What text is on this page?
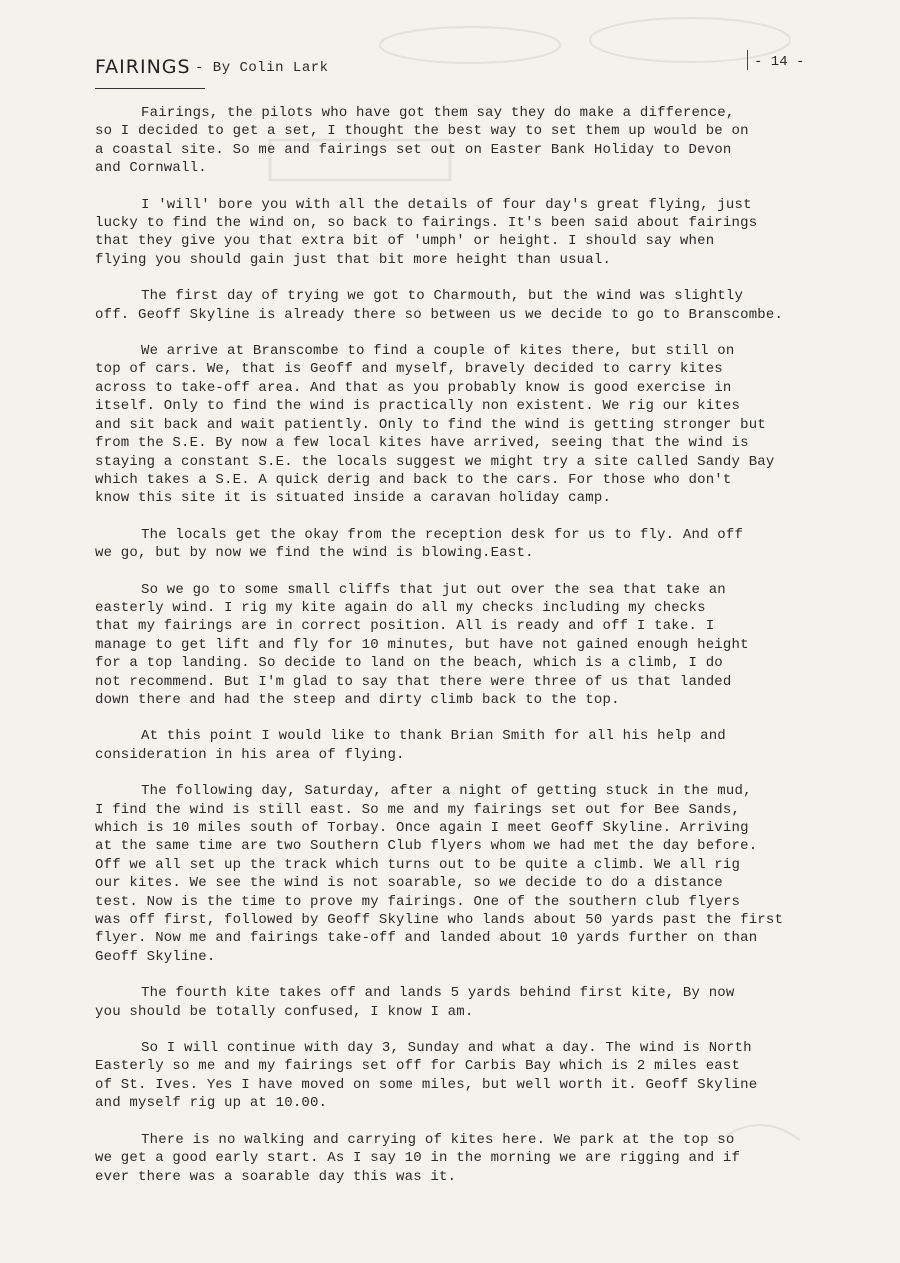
FAIRINGS - By Colin Lark	- 14 -

Fairings, the pilots who have got them say they do make a difference,
so I decided to get a set, I thought the best way to set them up would be on
a coastal site. So me and fairings set out on Easter Bank Holiday to Devon
and Cornwall.

I 'will' bore you with all the details of four day's great flying, just
lucky to find the wind on, so back to fairings. It's been said about fairings
that they give you that extra bit of 'umph' or height. I should say when
flying you should gain just that bit more height than usual.

The first day of trying we got to Charmouth, but the wind was slightly
off. Geoff Skyline is already there so between us we decide to go to Branscombe.

We arrive at Branscombe to find a couple of kites there, but still on
top of cars. We, that is Geoff and myself, bravely decided to carry kites
across to take-off area. And that as you probably know is good exercise in
itself. Only to find the wind is practically non existent. We rig our kites
and sit back and wait patiently. Only to find the wind is getting stronger but
from the S.E. By now a few local kites have arrived, seeing that the wind is
staying a constant S.E. the locals suggest we might try a site called Sandy Bay
which takes a S.E. A quick derig and back to the cars. For those who don't
know this site it is situated inside a caravan holiday camp.

The locals get the okay from the reception desk for us to fly. And off
we go, but by now we find the wind is blowing.East.

So we go to some small cliffs that jut out over the sea that take an
easterly wind. I rig my kite again do all my checks including my checks
that my fairings are in correct position. All is ready and off I take. I
manage to get lift and fly for 10 minutes, but have not gained enough height
for a top landing. So decide to land on the beach, which is a climb, I do
not recommend. But I'm glad to say that there were three of us that landed
down there and had the steep and dirty climb back to the top.

At this point I would like to thank Brian Smith for all his help and
consideration in his area of flying.

The following day, Saturday, after a night of getting stuck in the mud,
I find the wind is still east. So me and my fairings set out for Bee Sands,
which is 10 miles south of Torbay. Once again I meet Geoff Skyline. Arriving
at the same time are two Southern Club flyers whom we had met the day before.
Off we all set up the track which turns out to be quite a climb. We all rig
our kites. We see the wind is not soarable, so we decide to do a distance
test. Now is the time to prove my fairings. One of the southern club flyers
was off first, followed by Geoff Skyline who lands about 50 yards past the first
flyer. Now me and fairings take-off and landed about 10 yards further on than
Geoff Skyline.

The fourth kite takes off and lands 5 yards behind first kite, By now
you should be totally confused, I know I am.

So I will continue with day 3, Sunday and what a day. The wind is North
Easterly so me and my fairings set off for Carbis Bay which is 2 miles east
of St. Ives. Yes I have moved on some miles, but well worth it. Geoff Skyline
and myself rig up at 10.00.

There is no walking and carrying of kites here. We park at the top so
we get a good early start. As I say 10 in the morning we are rigging and if
ever there was a soarable day this was it.
